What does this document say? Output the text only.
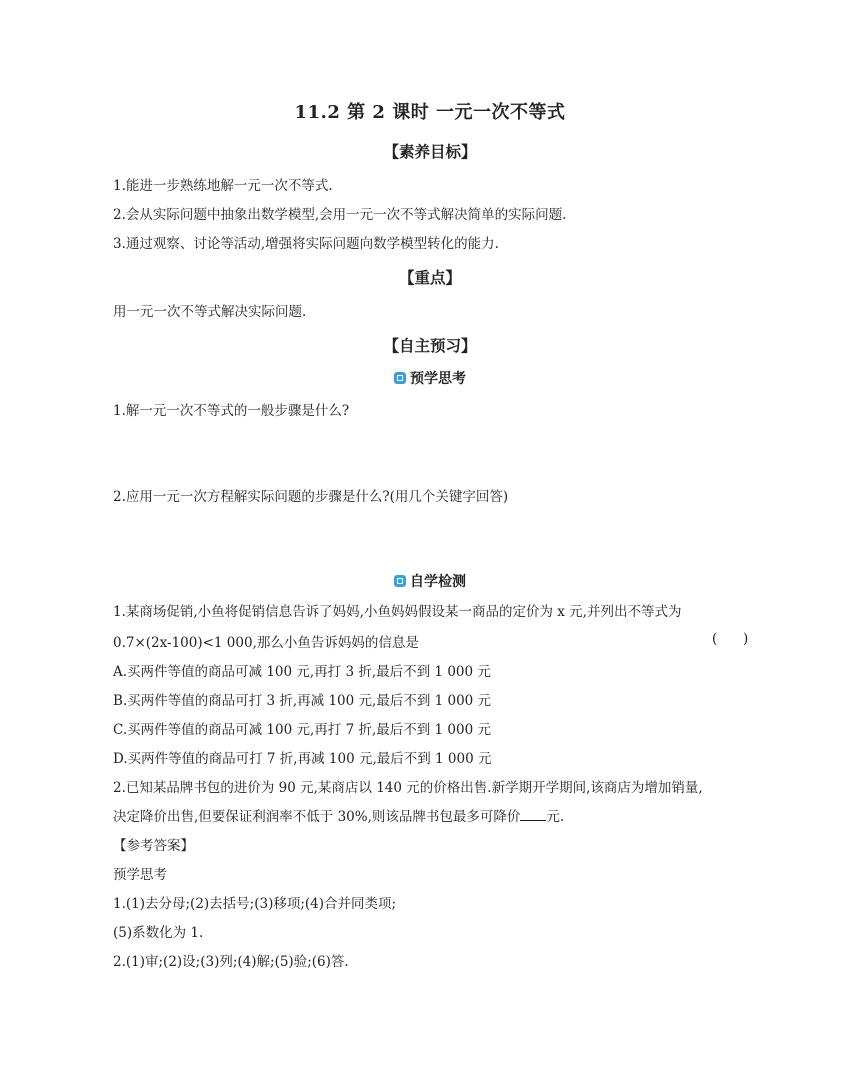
11.2 第 2 课时 一元一次不等式
【素养目标】
1.能进一步熟练地解一元一次不等式.
2.会从实际问题中抽象出数学模型,会用一元一次不等式解决简单的实际问题.
3.通过观察、讨论等活动,增强将实际问题向数学模型转化的能力.
【重点】
用一元一次不等式解决实际问题.
【自主预习】
预学思考
1.解一元一次不等式的一般步骤是什么?
2.应用一元一次方程解实际问题的步骤是什么?(用几个关键字回答)
自学检测
1.某商场促销,小鱼将促销信息告诉了妈妈,小鱼妈妈假设某一商品的定价为 x 元,并列出不等式为
0.7×(2x-100)<1 000,那么小鱼告诉妈妈的信息是	(      )
A.买两件等值的商品可减 100 元,再打 3 折,最后不到 1 000 元
B.买两件等值的商品可打 3 折,再减 100 元,最后不到 1 000 元
C.买两件等值的商品可减 100 元,再打 7 折,最后不到 1 000 元
D.买两件等值的商品可打 7 折,再减 100 元,最后不到 1 000 元
2.已知某品牌书包的进价为 90 元,某商店以 140 元的价格出售.新学期开学期间,该商店为增加销量,
决定降价出售,但要保证利润率不低于 30%,则该品牌书包最多可降价 元.
【参考答案】
预学思考
1.(1)去分母;(2)去括号;(3)移项;(4)合并同类项;
(5)系数化为 1.
2.(1)审;(2)设;(3)列;(4)解;(5)验;(6)答.
